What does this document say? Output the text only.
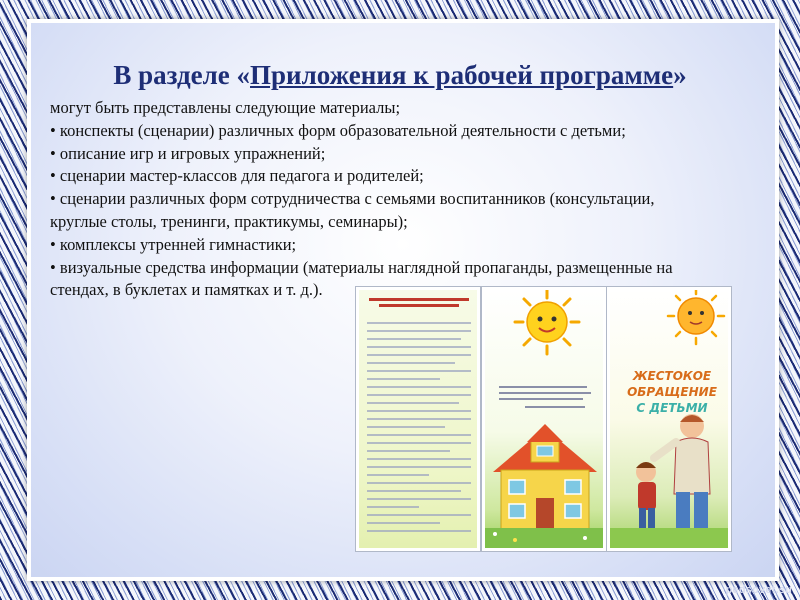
В разделе «Приложения к рабочей программе»
могут быть представлены следующие материалы;
• конспекты (сценарии) различных форм образовательной деятельности с детьми;
• описание игр и игровых упражнений;
• сценарии мастер-классов для педагога и родителей;
• сценарии различных форм сотрудничества с семьями воспитанников (консультации,
круглые столы, тренинги, практикумы, семинары);
• комплексы утренней гимнастики;
• визуальные средства информации (материалы наглядной пропаганды, размещенные на
стендах, в буклетах и памятках и т. д.).
ЖЕСТОКОЕ ОБРАЩЕНИЕ
С ДЕТЬМИ
pedsovet.su
